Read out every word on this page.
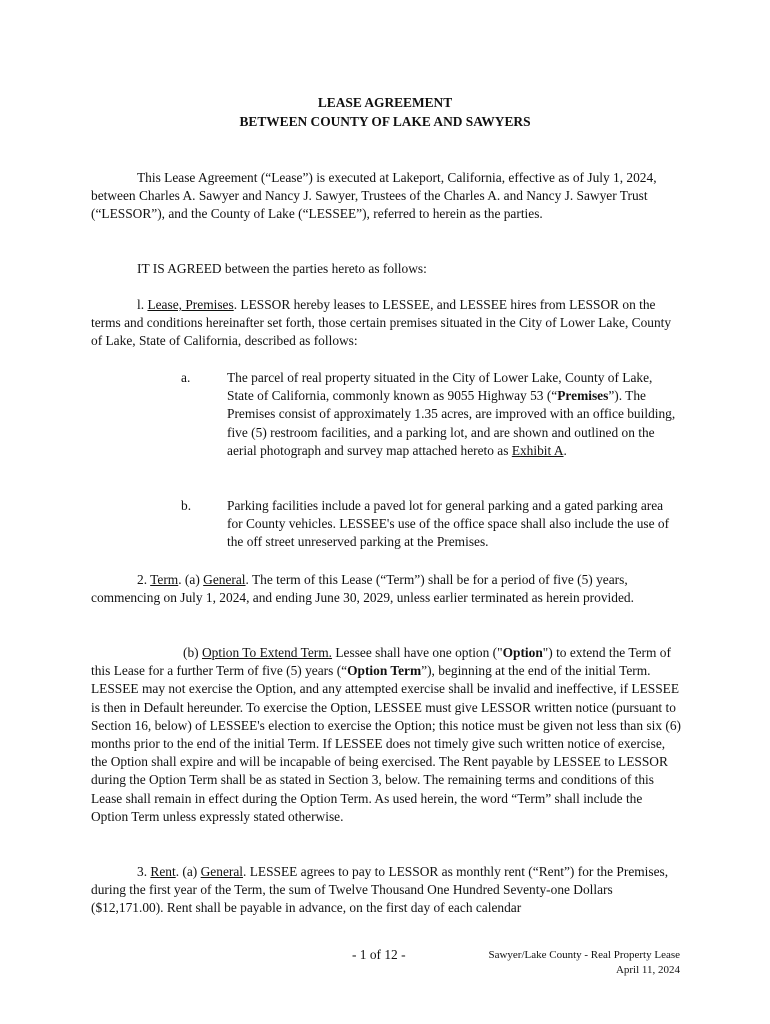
LEASE AGREEMENT
BETWEEN COUNTY OF LAKE AND SAWYERS
This Lease Agreement (“Lease”) is executed at Lakeport, California, effective as of July 1, 2024, between Charles A. Sawyer and Nancy J. Sawyer, Trustees of the Charles A. and Nancy J. Sawyer Trust (“LESSOR”), and the County of Lake (“LESSEE”), referred to herein as the parties.
IT IS AGREED between the parties hereto as follows:
l. Lease, Premises. LESSOR hereby leases to LESSEE, and LESSEE hires from LESSOR on the terms and conditions hereinafter set forth, those certain premises situated in the City of Lower Lake, County of Lake, State of California, described as follows:
a.	The parcel of real property situated in the City of Lower Lake, County of Lake, State of California, commonly known as 9055 Highway 53 (“Premises”). The Premises consist of approximately 1.35 acres, are improved with an office building, five (5) restroom facilities, and a parking lot, and are shown and outlined on the aerial photograph and survey map attached hereto as Exhibit A.
b.	Parking facilities include a paved lot for general parking and a gated parking area for County vehicles. LESSEE's use of the office space shall also include the use of the off street unreserved parking at the Premises.
2. Term. (a) General. The term of this Lease (“Term”) shall be for a period of five (5) years, commencing on July 1, 2024, and ending June 30, 2029, unless earlier terminated as herein provided.
(b) Option To Extend Term. Lessee shall have one option ("Option") to extend the Term of this Lease for a further Term of five (5) years (“Option Term”), beginning at the end of the initial Term. LESSEE may not exercise the Option, and any attempted exercise shall be invalid and ineffective, if LESSEE is then in Default hereunder. To exercise the Option, LESSEE must give LESSOR written notice (pursuant to Section 16, below) of LESSEE's election to exercise the Option; this notice must be given not less than six (6) months prior to the end of the initial Term. If LESSEE does not timely give such written notice of exercise, the Option shall expire and will be incapable of being exercised. The Rent payable by LESSEE to LESSOR during the Option Term shall be as stated in Section 3, below. The remaining terms and conditions of this Lease shall remain in effect during the Option Term. As used herein, the word “Term” shall include the Option Term unless expressly stated otherwise.
3. Rent. (a) General. LESSEE agrees to pay to LESSOR as monthly rent (“Rent”) for the Premises, during the first year of the Term, the sum of Twelve Thousand One Hundred Seventy-one Dollars ($12,171.00). Rent shall be payable in advance, on the first day of each calendar
- 1 of 12 -	Sawyer/Lake County - Real Property Lease
April 11, 2024
